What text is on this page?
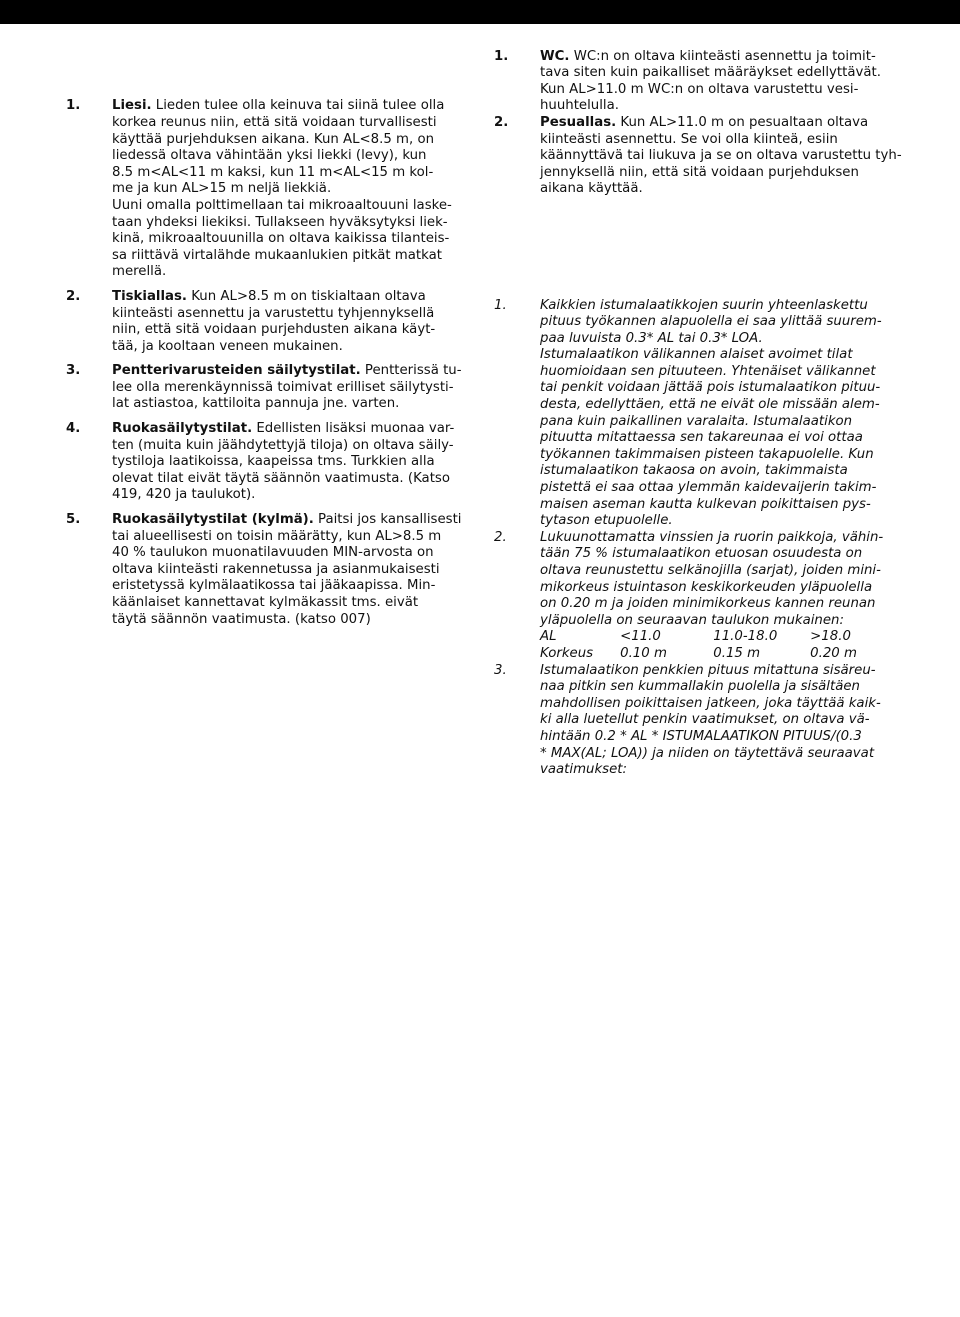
1. Liesi. Lieden tulee olla keinuva tai siinä tulee olla

korkea reunus niin, että sitä voidaan turvallisesti

käyttää purjehduksen aikana. Kun AL<8.5 m, on

liedessä oltava vähintään yksi liekki (levy), kun

8.5 m<AL<11 m kaksi, kun 11 m<AL<15 m kol-

me ja kun AL>15 m neljä liekkiä.

Uuni omalla polttimellaan tai mikroaaltouuni laske-

taan yhdeksi liekiksi. Tullakseen hyväksytyksi liek-

kinä, mikroaaltouunilla on oltava kaikissa tilanteis-

sa riittävä virtalähde mukaanlukien pitkät matkat

merellä.

2. Tiskiallas. Kun AL>8.5 m on tiskialtaan oltava

kiinteästi asennettu ja varustettu tyhjennyksellä

niin, että sitä voidaan purjehdusten aikana käyt-

tää, ja kooltaan veneen mukainen.

3. Pentterivarusteiden säilytystilat. Pentterissä tu-

lee olla merenkäynnissä toimivat erilliset säilytysti-

lat astiastoa, kattiloita pannuja jne. varten.

4. Ruokasäilytystilat. Edellisten lisäksi muonaa var-

ten (muita kuin jäähdytettyjä tiloja) on oltava säily-

tystiloja laatikoissa, kaapeissa tms. Turkkien alla

olevat tilat eivät täytä säännön vaatimusta. (Katso

419, 420 ja taulukot).

5. Ruokasäilytystilat (kylmä). Paitsi jos kansallisesti

tai alueellisesti on toisin määrätty, kun AL>8.5 m

40 % taulukon muonatilavuuden MIN-arvosta on

oltava kiinteästi rakennetussa ja asianmukaisesti

eristetyssä kylmälaatikossa tai jääkaapissa. Min-

käänlaiset kannettavat kylmäkassit tms. eivät

täytä säännön vaatimusta. (katso 007)

1. WC. WC:n on oltava kiinteästi asennettu ja toimit-

tava siten kuin paikalliset määräykset edellyttävät.

Kun AL>11.0 m WC:n on oltava varustettu vesi-

huuhtelulla.

2. Pesuallas. Kun AL>11.0 m on pesualtaan oltava

kiinteästi asennettu. Se voi olla kiinteä, esiin

käännyttävä tai liukuva ja se on oltava varustettu tyh-

jennyksellä niin, että sitä voidaan purjehduksen

aikana käyttää.

1.	Kaikkien istumalaatikkojen suurin yhteenlaskettu

pituus työkannen alapuolella ei saa ylittää suurem-

paa luvuista 0.3* AL tai 0.3* LOA.

Istumalaatikon välikannen alaiset avoimet tilat

huomioidaan sen pituuteen. Yhtenäiset välikannet

tai penkit voidaan jättää pois istumalaatikon pituu-

desta, edellyttäen, että ne eivät ole missään alem-

pana kuin paikallinen varalaita. Istumalaatikon

pituutta mitattaessa sen takareunaa ei voi ottaa

työkannen takimmaisen pisteen takapuolelle. Kun

istumalaatikon takaosa on avoin, takimmaista

pistettä ei saa ottaa ylemmän kaidevaijerin takim-

maisen aseman kautta kulkevan poikittaisen pys-

tytason etupuolelle.

2.	Lukuunottamatta vinssien ja ruorin paikkoja, vähin-

tään 75 % istumalaatikon etuosan osuudesta on

oltava reunustettu selkänojilla (sarjat), joiden mini-

mikorkeus istuintason keskikorkeuden yläpuolella

on 0.20 m ja joiden minimikorkeus kannen reunan

yläpuolella on seuraavan taulukon mukainen:

AL	<11.0	11.0-18.0	>18.0
Korkeus	0.10 m	0.15 m	0.20 m
3.	Istumalaatikon penkkien pituus mitattuna sisäreu-

naa pitkin sen kummallakin puolella ja sisältäen

mahdollisen poikittaisen jatkeen, joka täyttää kaik-

ki alla luetellut penkin vaatimukset, on oltava vä-

hintään 0.2 * AL * ISTUMALAATIKON PITUUS/(0.3

* MAX(AL; LOA)) ja niiden on täytettävä seuraavat

vaatimukset:
